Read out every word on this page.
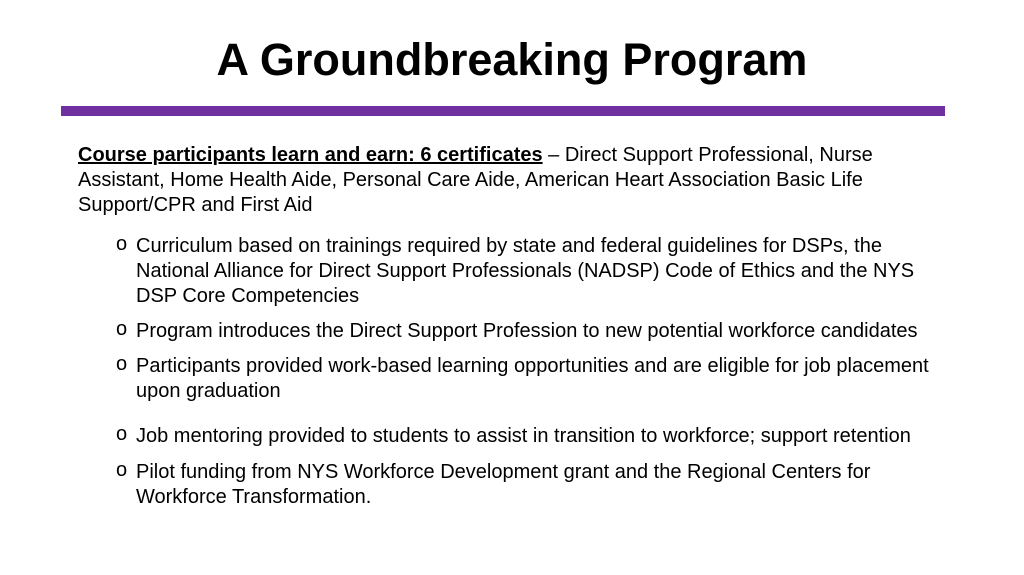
A Groundbreaking Program

Course participants learn and earn: 6 certificates – Direct Support Professional, Nurse Assistant, Home Health Aide, Personal Care Aide, American Heart Association Basic Life Support/CPR and First Aid

o Curriculum based on trainings required by state and federal guidelines for DSPs, the National Alliance for Direct Support Professionals (NADSP) Code of Ethics and the NYS DSP Core Competencies
o Program introduces the Direct Support Profession to new potential workforce candidates
o Participants provided work-based learning opportunities and are eligible for job placement upon graduation
o Job mentoring provided to students to assist in transition to workforce; support retention
o Pilot funding from NYS Workforce Development grant and the Regional Centers for Workforce Transformation.
